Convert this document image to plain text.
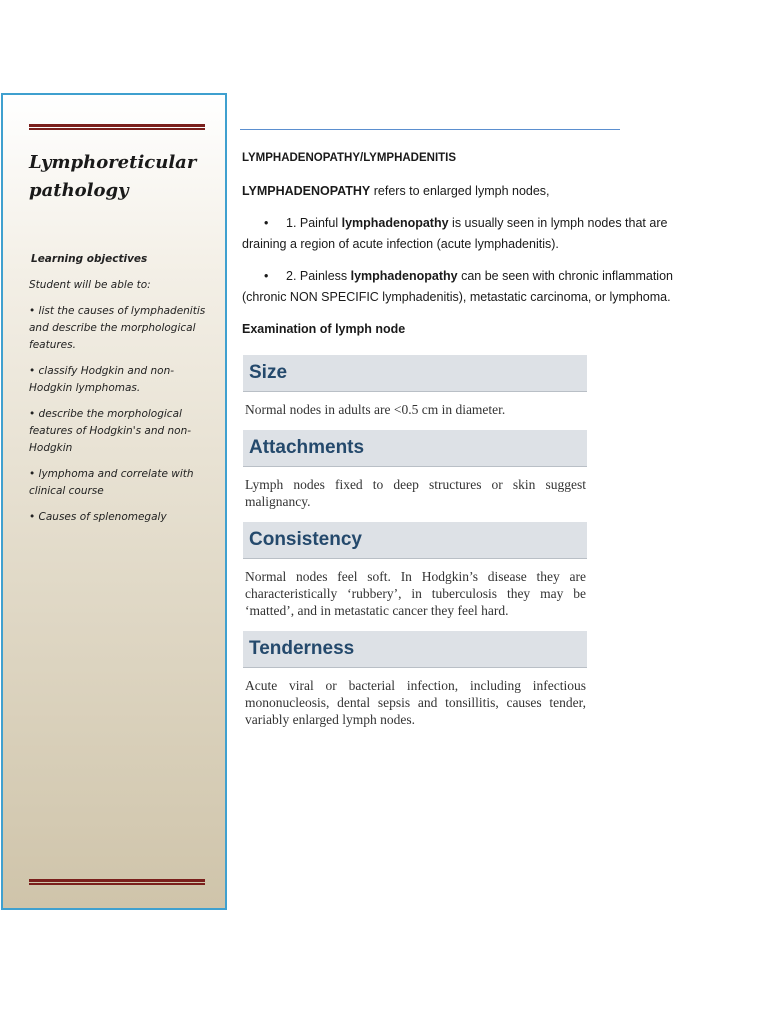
Lymphoreticular pathology
Learning objectives
Student will be able to:
• list the causes of lymphadenitis and describe the morphological features.
• classify Hodgkin and non-Hodgkin lymphomas.
• describe the morphological features of Hodgkin's and non-Hodgkin
• lymphoma and correlate with clinical course
• Causes of splenomegaly

LYMPHADENOPATHY/LYMPHADENITIS

LYMPHADENOPATHY refers to enlarged lymph nodes,

• 1. Painful lymphadenopathy is usually seen in lymph nodes that are draining a region of acute infection (acute lymphadenitis).

• 2. Painless lymphadenopathy can be seen with chronic inflammation (chronic NON SPECIFIC lymphadenitis), metastatic carcinoma, or lymphoma.

Examination of lymph node

Size
Normal nodes in adults are <0.5 cm in diameter.
Attachments
Lymph nodes fixed to deep structures or skin suggest malignancy.
Consistency
Normal nodes feel soft. In Hodgkin’s disease they are characteristically ‘rubbery’, in tuberculosis they may be ‘matted’, and in metastatic cancer they feel hard.
Tenderness
Acute viral or bacterial infection, including infectious mononucleosis, dental sepsis and tonsillitis, causes tender, variably enlarged lymph nodes.
